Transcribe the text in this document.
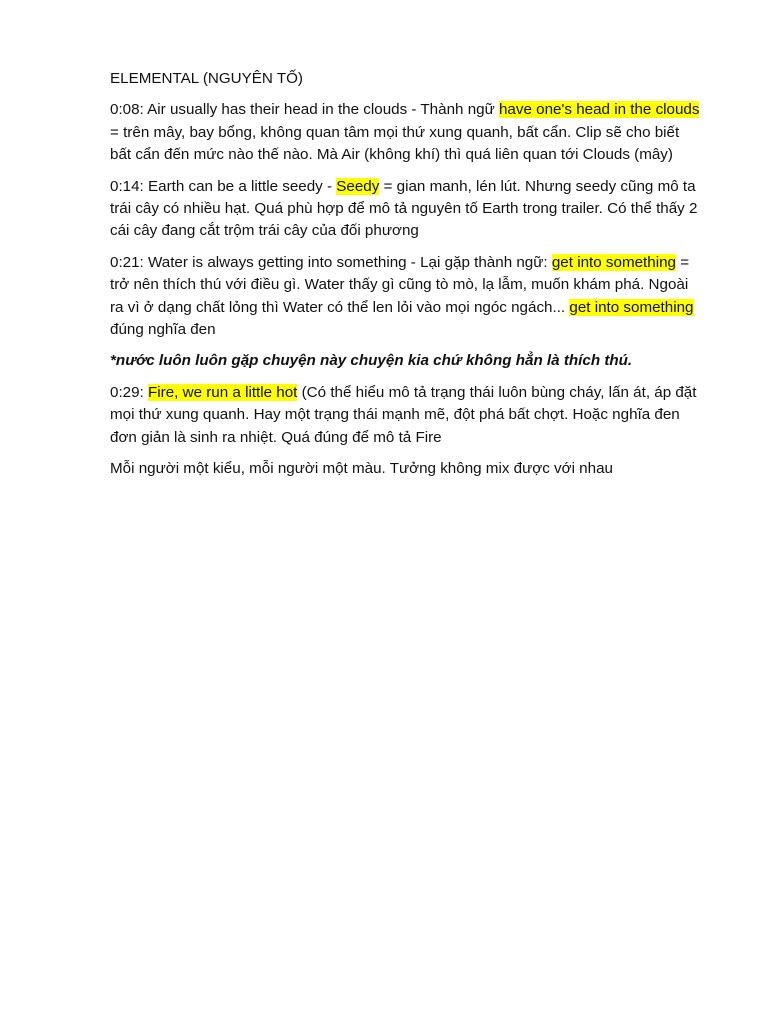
ELEMENTAL (NGUYÊN TỐ)

0:08: Air usually has their head in the clouds - Thành ngữ have one's head in the clouds = trên mây, bay bổng, không quan tâm mọi thứ xung quanh, bất cẩn. Clip sẽ cho biết bất cẩn đến mức nào thế nào. Mà Air (không khí) thì quá liên quan tới Clouds (mây)

0:14: Earth can be a little seedy - Seedy = gian manh, lén lút. Nhưng seedy cũng mô ta trái cây có nhiều hạt. Quá phù hợp để mô tả nguyên tố Earth trong trailer. Có thể thấy 2 cái cây đang cắt trộm trái cây của đối phương

0:21: Water is always getting into something - Lại gặp thành ngữ: get into something = trở nên thích thú với điều gì. Water thấy gì cũng tò mò, lạ lẫm, muốn khám phá. Ngoài ra vì ở dạng chất lỏng thì Water có thể len lỏi vào mọi ngóc ngách... get into something đúng nghĩa đen

*nước luôn luôn gặp chuyện này chuyện kia chứ không hẳn là thích thú.

0:29: Fire, we run a little hot (Có thể hiểu mô tả trạng thái luôn bùng cháy, lấn át, áp đặt mọi thứ xung quanh. Hay một trạng thái mạnh mẽ, đột phá bất chợt. Hoặc nghĩa đen đơn giản là sinh ra nhiệt. Quá đúng để mô tả Fire

Mỗi người một kiểu, mỗi người một màu. Tưởng không mix được với nhau
